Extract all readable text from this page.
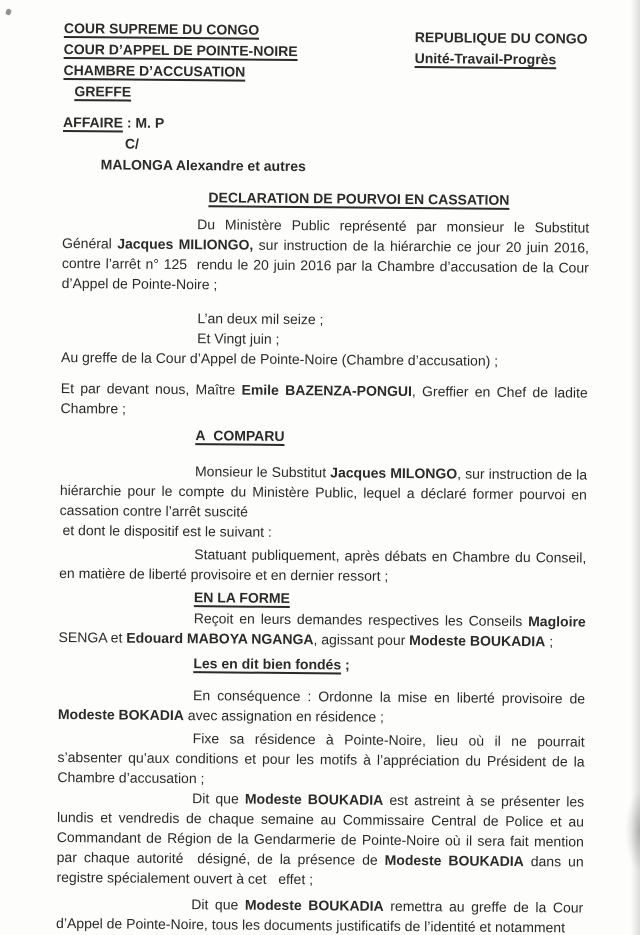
COUR SUPREME DU CONGO
COUR D’APPEL DE POINTE-NOIRE
CHAMBRE D’ACCUSATION
GREFFE
REPUBLIQUE DU CONGO
Unité-Travail-Progrès
AFFAIRE : M. P
C/
MALONGA Alexandre et autres
DECLARATION DE POURVOI EN CASSATION

Du Ministère Public représenté par monsieur le Substitut Général Jacques MILIONGO, sur instruction de la hiérarchie ce jour 20 juin 2016, contre l’arrêt n° 125  rendu le 20 juin 2016 par la Chambre d’accusation de la Cour d’Appel de Pointe-Noire ;

L’an deux mil seize ;
Et Vingt juin ;
Au greffe de la Cour d’Appel de Pointe-Noire (Chambre d’accusation) ;

Et par devant nous, Maître Emile BAZENZA-PONGUI, Greffier en Chef de ladite Chambre ;

A  COMPARU

Monsieur le Substitut Jacques MILONGO, sur instruction de la hiérarchie pour le compte du Ministère Public, lequel a déclaré former pourvoi en cassation contre l’arrêt suscité

et dont le dispositif est le suivant :

Statuant publiquement, après débats en Chambre du Conseil, en matière de liberté provisoire et en dernier ressort ;

EN LA FORME

Reçoit en leurs demandes respectives les Conseils Magloire SENGA et Edouard MABOYA NGANGA, agissant pour Modeste BOUKADIA ;

Les en dit bien fondés ;

En conséquence : Ordonne la mise en liberté provisoire de Modeste BOKADIA avec assignation en résidence ;

Fixe sa résidence à Pointe-Noire, lieu où il ne pourrait s’absenter qu’aux conditions et pour les motifs à l’appréciation du Président de la Chambre d’accusation ;

Dit que Modeste BOUKADIA est astreint à se présenter les lundis et vendredis de chaque semaine au Commissaire Central de Police et au Commandant de Région de la Gendarmerie de Pointe-Noire où il sera fait mention par chaque autorité  désigné, de la présence de Modeste BOUKADIA dans un registre spécialement ouvert à cet   effet ;

Dit que Modeste BOUKADIA remettra au greffe de la Cour d’Appel de Pointe-Noire, tous les documents justificatifs de l’identité et notamment
